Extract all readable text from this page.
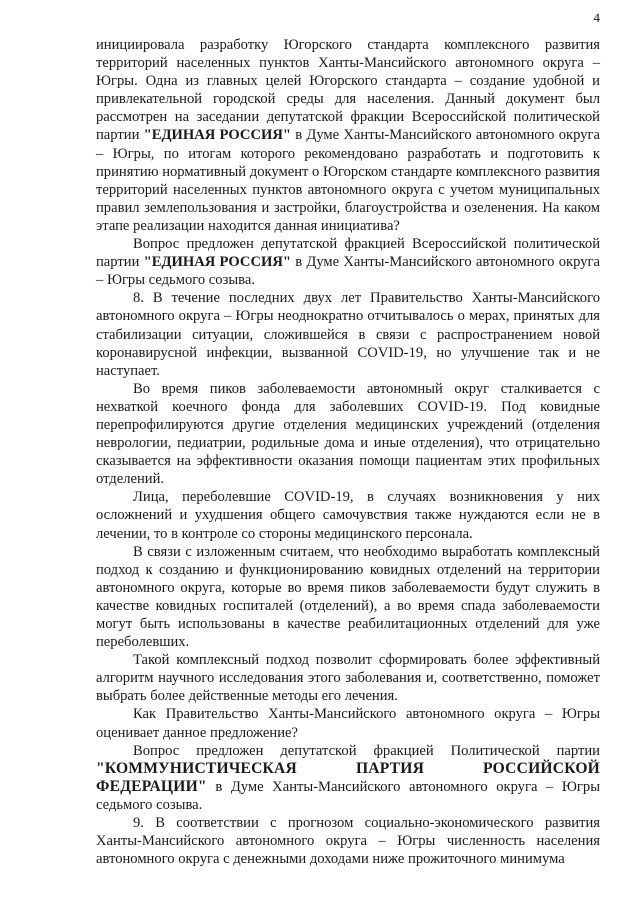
4

инициировала разработку Югорского стандарта комплексного развития территорий населенных пунктов Ханты-Мансийского автономного округа – Югры. Одна из главных целей Югорского стандарта – создание удобной и привлекательной городской среды для населения. Данный документ был рассмотрен на заседании депутатской фракции Всероссийской политической партии "ЕДИНАЯ РОССИЯ" в Думе Ханты-Мансийского автономного округа – Югры, по итогам которого рекомендовано разработать и подготовить к принятию нормативный документ о Югорском стандарте комплексного развития территорий населенных пунктов автономного округа с учетом муниципальных правил землепользования и застройки, благоустройства и озеленения. На каком этапе реализации находится данная инициатива?

Вопрос предложен депутатской фракцией Всероссийской политической партии "ЕДИНАЯ РОССИЯ" в Думе Ханты-Мансийского автономного округа – Югры седьмого созыва.

8. В течение последних двух лет Правительство Ханты-Мансийского автономного округа – Югры неоднократно отчитывалось о мерах, принятых для стабилизации ситуации, сложившейся в связи с распространением новой коронавирусной инфекции, вызванной COVID-19, но улучшение так и не наступает.

Во время пиков заболеваемости автономный округ сталкивается с нехваткой коечного фонда для заболевших COVID-19. Под ковидные перепрофилируются другие отделения медицинских учреждений (отделения неврологии, педиатрии, родильные дома и иные отделения), что отрицательно сказывается на эффективности оказания помощи пациентам этих профильных отделений.

Лица, переболевшие COVID-19, в случаях возникновения у них осложнений и ухудшения общего самочувствия также нуждаются если не в лечении, то в контроле со стороны медицинского персонала.

В связи с изложенным считаем, что необходимо выработать комплексный подход к созданию и функционированию ковидных отделений на территории автономного округа, которые во время пиков заболеваемости будут служить в качестве ковидных госпиталей (отделений), а во время спада заболеваемости могут быть использованы в качестве реабилитационных отделений для уже переболевших.

Такой комплексный подход позволит сформировать более эффективный алгоритм научного исследования этого заболевания и, соответственно, поможет выбрать более действенные методы его лечения.

Как Правительство Ханты-Мансийского автономного округа – Югры оценивает данное предложение?

Вопрос предложен депутатской фракцией Политической партии "КОММУНИСТИЧЕСКАЯ ПАРТИЯ РОССИЙСКОЙ ФЕДЕРАЦИИ" в Думе Ханты-Мансийского автономного округа – Югры седьмого созыва.

9. В соответствии с прогнозом социально-экономического развития Ханты-Мансийского автономного округа – Югры численность населения автономного округа с денежными доходами ниже прожиточного минимума
